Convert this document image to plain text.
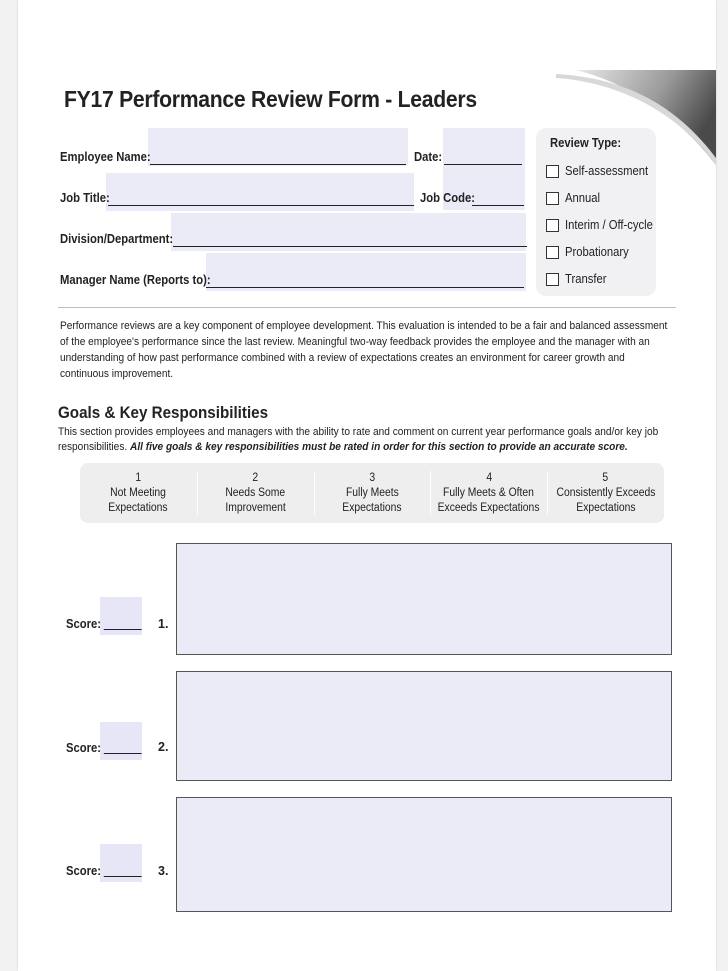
FY17 Performance Review Form - Leaders
Employee Name:	Date:
Job Title:	Job Code:
Division/Department:
Manager Name (Reports to):
Review Type:
Self-assessment
Annual
Interim / Off-cycle
Probationary
Transfer

Performance reviews are a key component of employee development. This evaluation is intended to be a fair and balanced assessment of the employee's performance since the last review. Meaningful two-way feedback provides the employee and the manager with an understanding of how past performance combined with a review of expectations creates an environment for career growth and continuous improvement.

Goals & Key Responsibilities

This section provides employees and managers with the ability to rate and comment on current year performance goals and/or key job responsibilities. All five goals & key responsibilities must be rated in order for this section to provide an accurate score.

1
Not Meeting
Expectations
2
Needs Some
Improvement
3
Fully Meets
Expectations
4
Fully Meets & Often
Exceeds Expectations
5
Consistently Exceeds
Expectations
Score:	1.
Score:	2.
Score:	3.
